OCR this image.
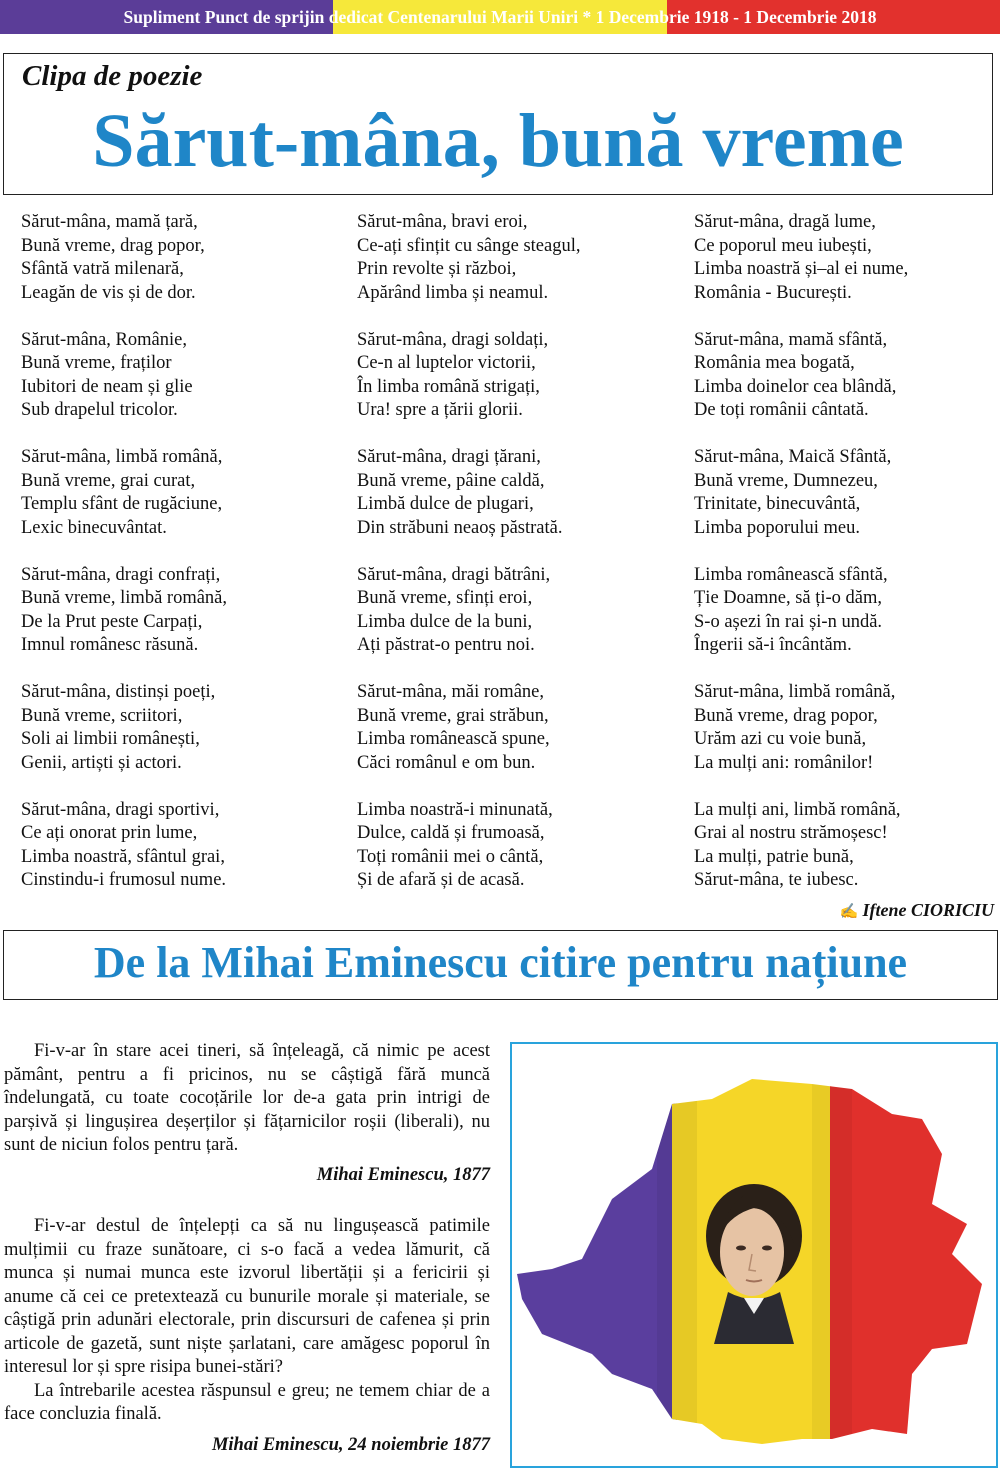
Supliment Punct de sprijin dedicat Centenarului Marii Uniri * 1 Decembrie 1918 - 1 Decembrie 2018
Clipa de poezie
Sărut-mâna, bună vreme
Sărut-mâna, mamă țară,
Bună vreme, drag popor,
Sfântă vatră milenară,
Leagăn de vis și de dor.
Sărut-mâna, Românie,
Bună vreme, fraților
Iubitori de neam și glie
Sub drapelul tricolor.
Sărut-mâna, limbă română,
Bună vreme, grai curat,
Templu sfânt de rugăciune,
Lexic binecuvântat.
Sărut-mâna, dragi confrați,
Bună vreme, limbă română,
De la Prut peste Carpați,
Imnul românesc răsună.
Sărut-mâna, distinși poeți,
Bună vreme, scriitori,
Soli ai limbii românești,
Genii, artiști și actori.
Sărut-mâna, dragi sportivi,
Ce ați onorat prin lume,
Limba noastră, sfântul grai,
Cinstindu-i frumosul nume.
Sărut-mâna, bravi eroi,
Ce-ați sfințit cu sânge steagul,
Prin revolte și război,
Apărând limba și neamul.
Sărut-mâna, dragi soldați,
Ce-n al luptelor victorii,
În limba română strigați,
Ura! spre a țării glorii.
Sărut-mâna, dragi țărani,
Bună vreme, pâine caldă,
Limbă dulce de plugari,
Din străbuni neaoș păstrată.
Sărut-mâna, dragi bătrâni,
Bună vreme, sfinți eroi,
Limba dulce de la buni,
Ați păstrat-o pentru noi.
Sărut-mâna, măi române,
Bună vreme, grai străbun,
Limba românească spune,
Căci românul e om bun.
Limba noastră-i minunată,
Dulce, caldă și frumoasă,
Toți românii mei o cântă,
Și de afară și de acasă.
Sărut-mâna, dragă lume,
Ce poporul meu iubești,
Limba noastră și–al ei nume,
România - București.
Sărut-mâna, mamă sfântă,
România mea bogată,
Limba doinelor cea blândă,
De toți românii cântată.
Sărut-mâna, Maică Sfântă,
Bună vreme, Dumnezeu,
Trinitate, binecuvântă,
Limba poporului meu.
Limba românească sfântă,
Ție Doamne, să ți-o dăm,
S-o așezi în rai și-n undă.
Îngerii să-i încântăm.
Sărut-mâna, limbă română,
Bună vreme, drag popor,
Urăm azi cu voie bună,
La mulți ani: românilor!
La mulți ani, limbă română,
Grai al nostru strămoșesc!
La mulți, patrie bună,
Sărut-mâna, te iubesc.
✍ Iftene CIORICIU
De la Mihai Eminescu citire pentru națiune

Fi-v-ar în stare acei tineri, să înțeleagă, că nimic pe acest pământ, pentru a fi pricinos, nu se câștigă fără muncă îndelungată, cu toate cocoțările lor de-a gata prin intrigi de parșivă și lingușirea deșerților și fățarnicilor roșii (liberali), nu sunt de niciun folos pentru țară.

Mihai Eminescu, 1877

Fi-v-ar destul de înțelepți ca să nu lingușească patimile mulțimii cu fraze sunătoare, ci s-o facă a vedea lămurit, că munca și numai munca este izvorul libertății și a fericirii și anume că cei ce pretextează cu bunurile morale și materiale, se câștigă prin adunări electorale, prin discursuri de cafenea și prin articole de gazetă, sunt niște șarlatani, care amăgesc poporul în interesul lor și spre risipa bunei-stări?

La întrebarile acestea răspunsul e greu; ne temem chiar de a face concluzia finală.

Mihai Eminescu, 24 noiembrie 1877
